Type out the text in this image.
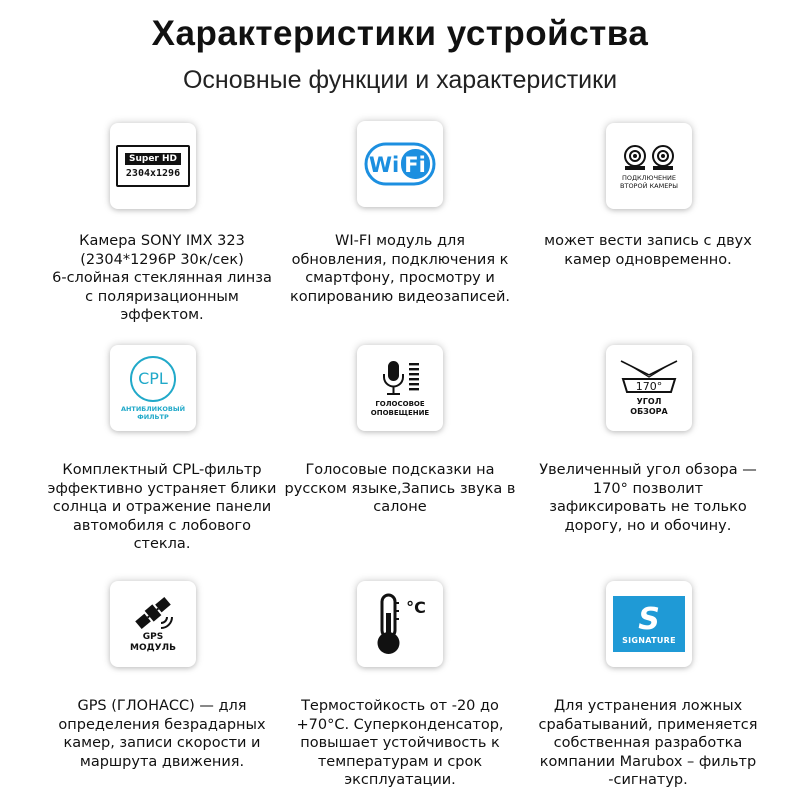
Характеристики устройства
Основные функции и характеристики
Super HD
2304x1296
Камера SONY IMX 323
(2304*1296P 30к/сек)
6-слойная стеклянная линза
с поляризационным
эффектом.
Wi Fi
WI-FI модуль для
обновления, подключения к
смартфону, просмотру и
копированию видеозаписей.
ПОДКЛЮЧЕНИЕ
ВТОРОЙ КАМЕРЫ
может вести запись с двух
камер одновременно.
CPL
АНТИБЛИКОВЫЙ
ФИЛЬТР
Комплектный CPL-фильтр
эффективно устраняет блики
солнца и отражение панели
автомобиля с лобового
стекла.
ГОЛОСОВОЕ
ОПОВЕЩЕНИЕ
Голосовые подсказки на
русском языке,Запись звука в
салоне
170°
УГОЛ
ОБЗОРА
Увеличенный угол обзора —
170° позволит
зафиксировать не только
дорогу, но и обочину.
GPS
МОДУЛЬ
GPS (ГЛОНАСС) — для
определения безрадарных
камер, записи скорости и
маршрута движения.
°C
Термостойкость от -20 до
+70°C. Суперконденсатор,
повышает устойчивость к
температурам и срок
эксплуатации.
S
SIGNATURE
Для устранения ложных
срабатываний, применяется
собственная разработка
компании Marubox – фильтр
-сигнатур.
